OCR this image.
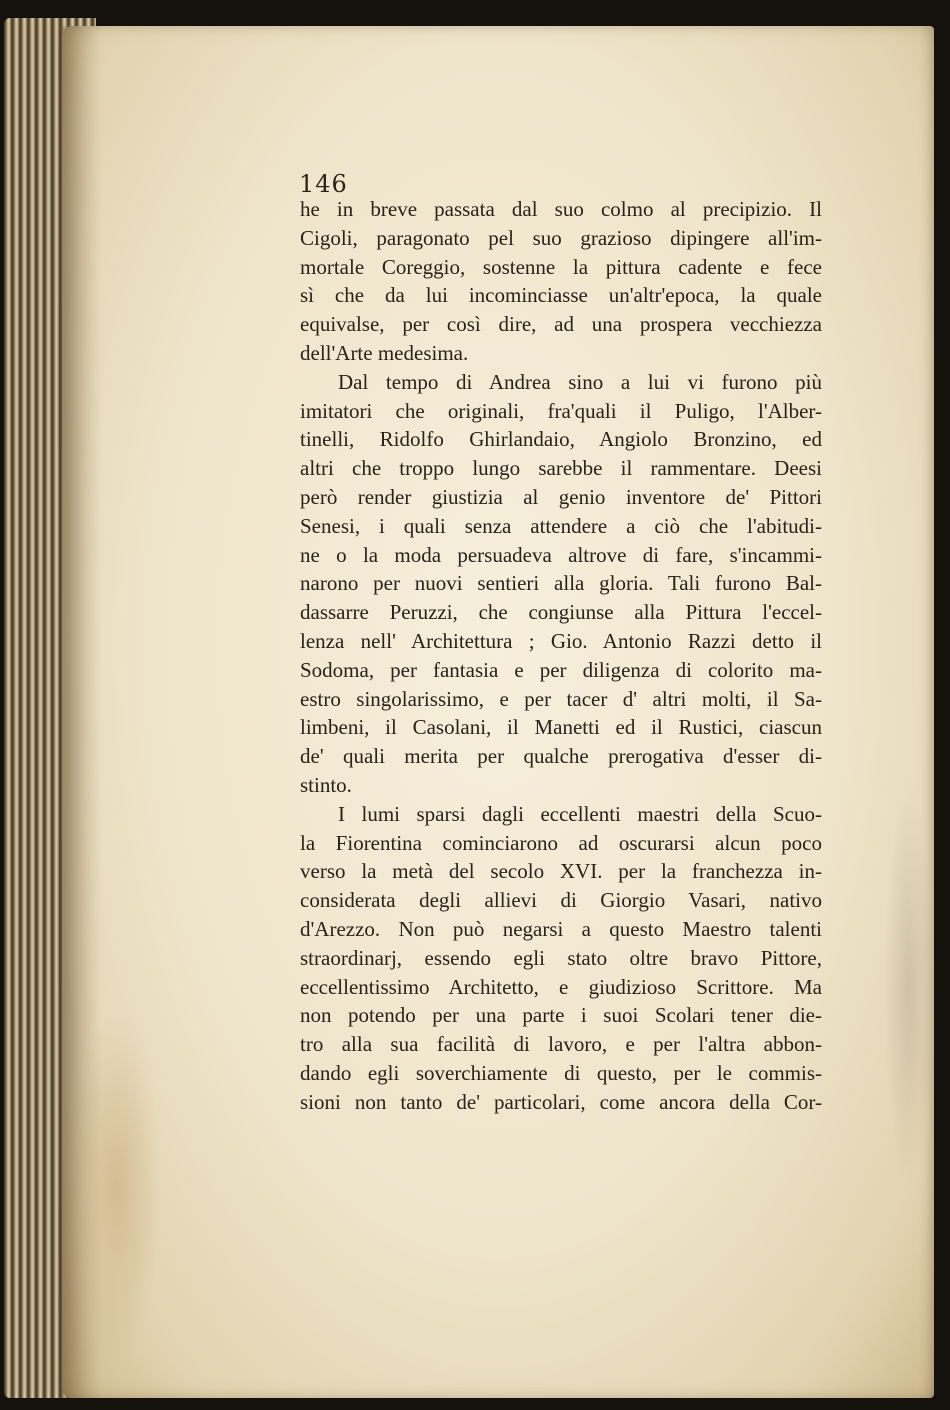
146
he in breve passata dal suo colmo al precipizio. Il
Cigoli, paragonato pel suo grazioso dipingere all'im-
mortale Coreggio, sostenne la pittura cadente e fece
sì che da lui incominciasse un'altr'epoca, la quale
equivalse, per così dire, ad una prospera vecchiezza
dell'Arte medesima.
Dal tempo di Andrea sino a lui vi furono più
imitatori che originali, fra'quali il Puligo, l'Alber-
tinelli, Ridolfo Ghirlandaio, Angiolo Bronzino, ed
altri che troppo lungo sarebbe il rammentare. Deesi
però render giustizia al genio inventore de' Pittori
Senesi, i quali senza attendere a ciò che l'abitudi-
ne o la moda persuadeva altrove di fare, s'incammi-
narono per nuovi sentieri alla gloria. Tali furono Bal-
dassarre Peruzzi, che congiunse alla Pittura l'eccel-
lenza nell' Architettura ; Gio. Antonio Razzi detto il
Sodoma, per fantasia e per diligenza di colorito ma-
estro singolarissimo, e per tacer d' altri molti, il Sa-
limbeni, il Casolani, il Manetti ed il Rustici, ciascun
de' quali merita per qualche prerogativa d'esser di-
stinto.
I lumi sparsi dagli eccellenti maestri della Scuo-
la Fiorentina cominciarono ad oscurarsi alcun poco
verso la metà del secolo XVI. per la franchezza in-
considerata degli allievi di Giorgio Vasari, nativo
d'Arezzo. Non può negarsi a questo Maestro talenti
straordinarj, essendo egli stato oltre bravo Pittore,
eccellentissimo Architetto, e giudizioso Scrittore. Ma
non potendo per una parte i suoi Scolari tener die-
tro alla sua facilità di lavoro, e per l'altra abbon-
dando egli soverchiamente di questo, per le commis-
sioni non tanto de' particolari, come ancora della Cor-
